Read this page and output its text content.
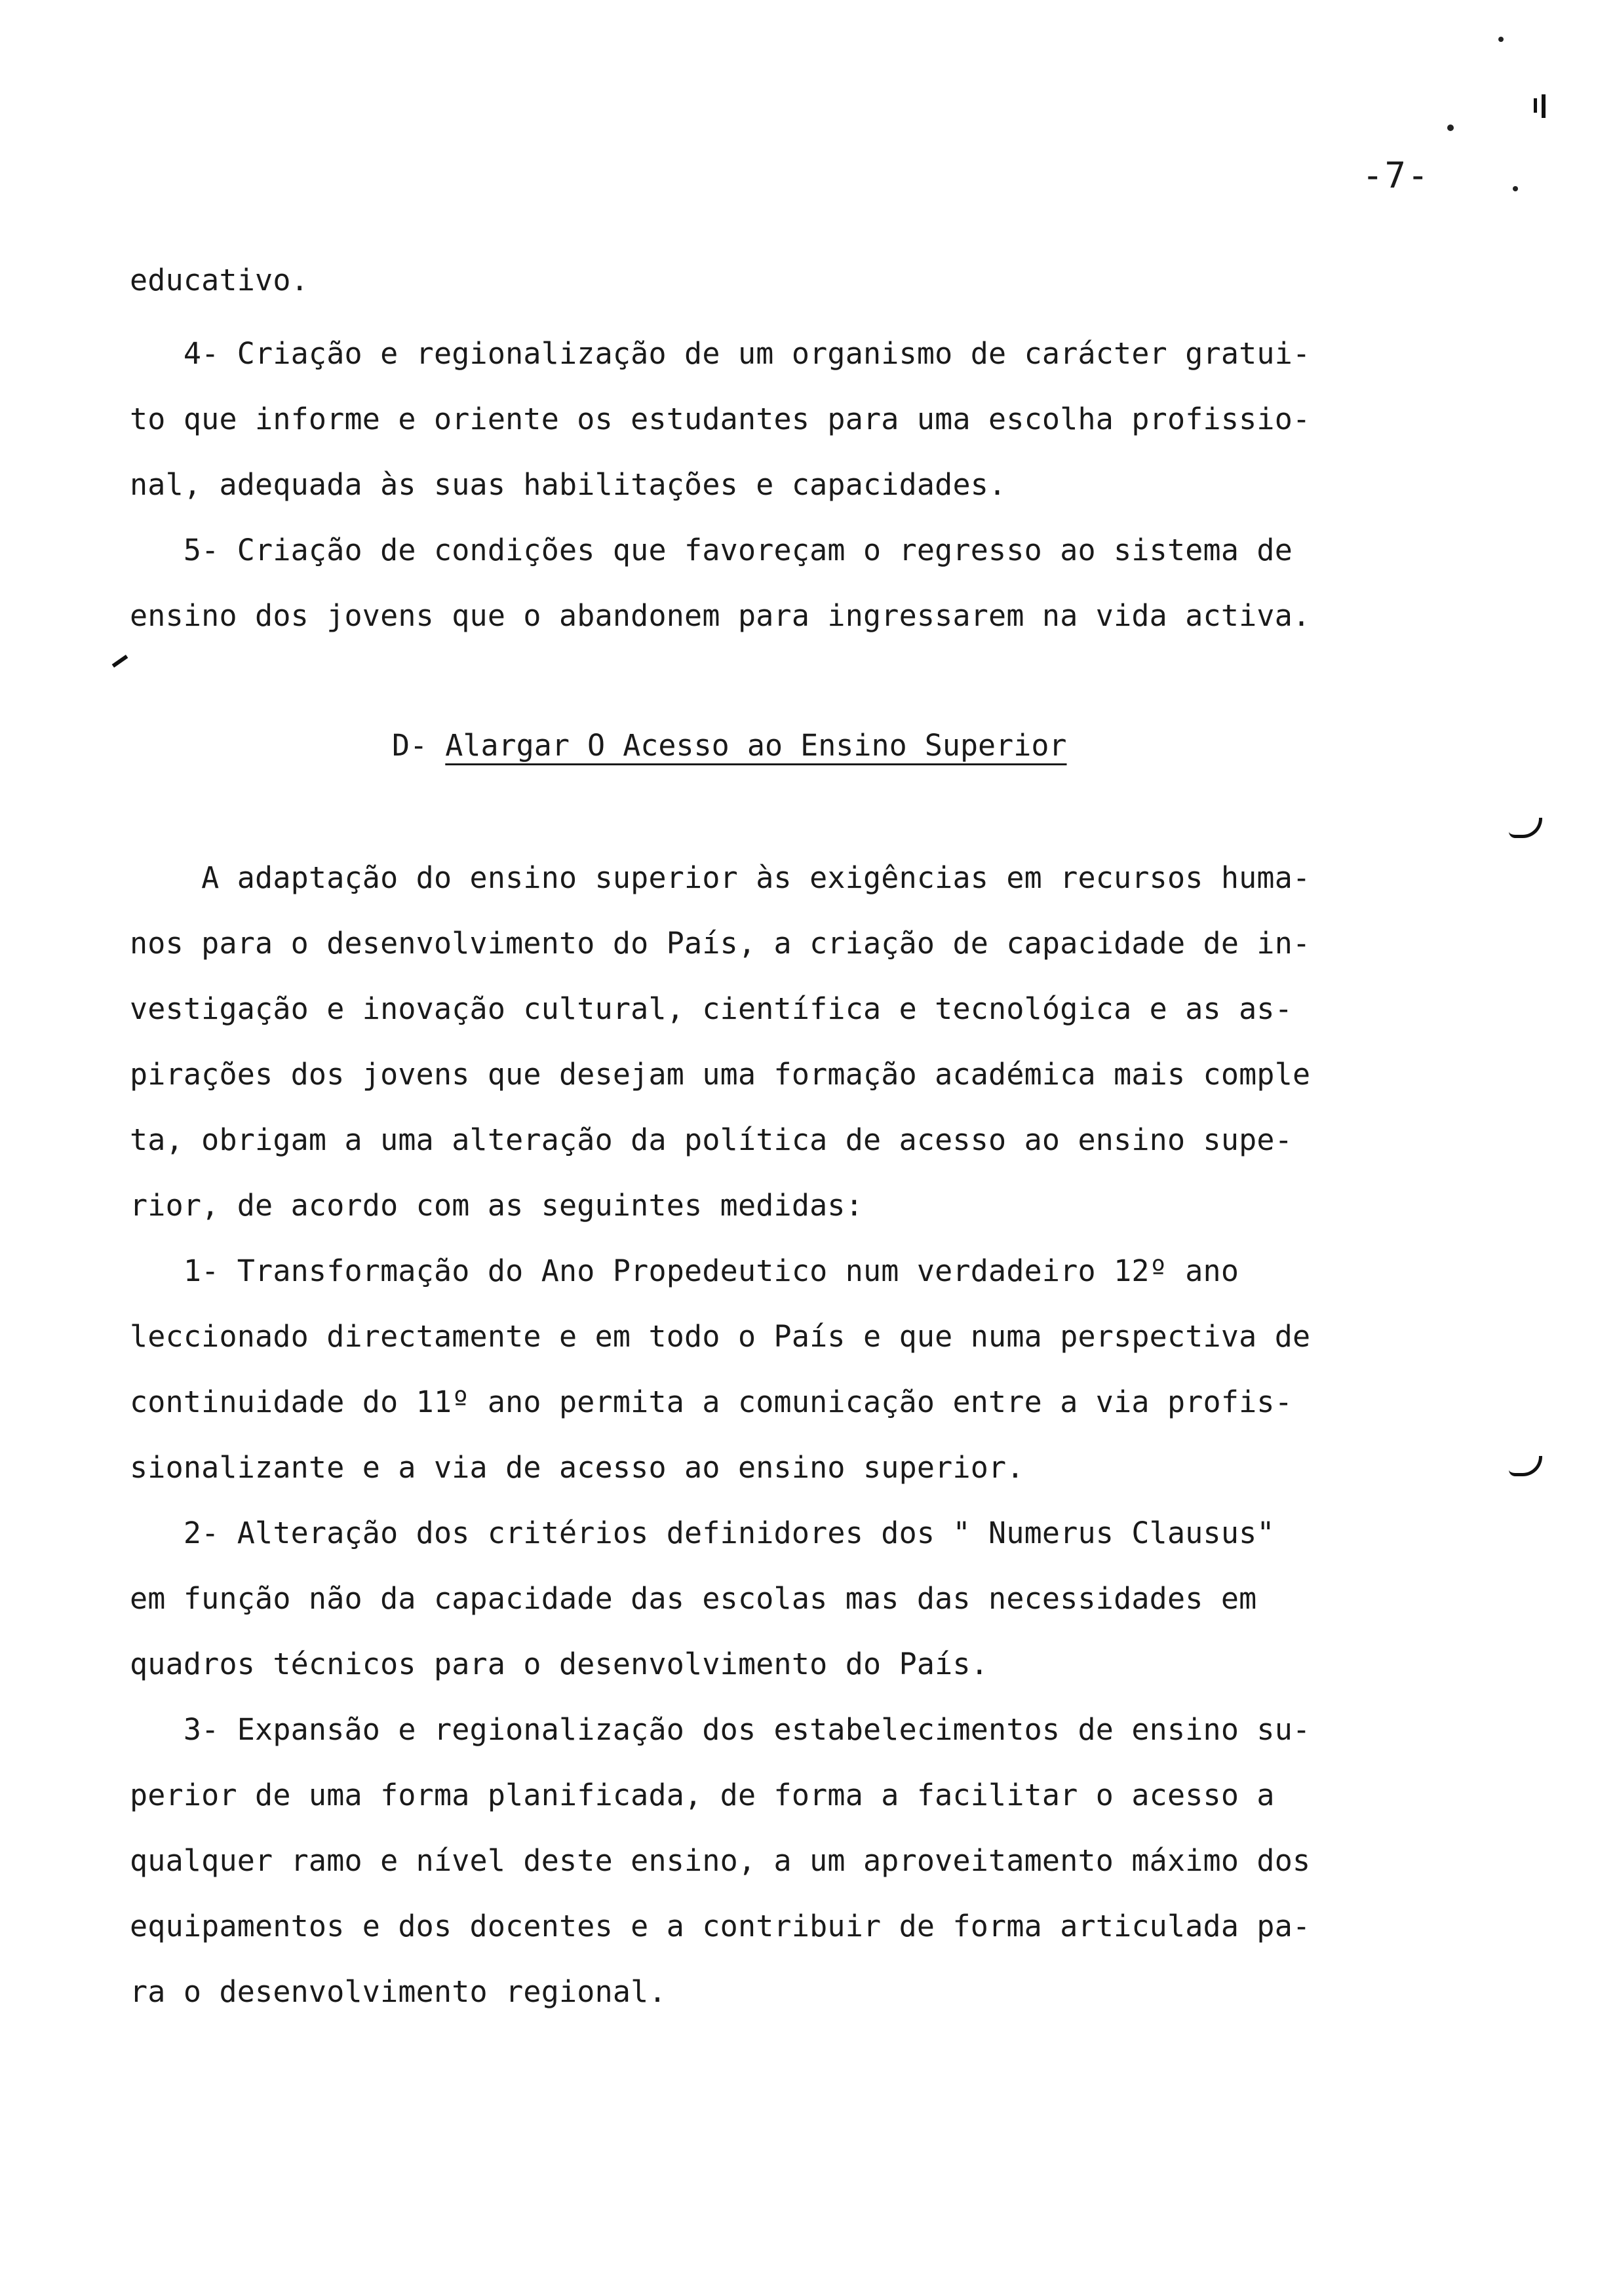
-7-
educativo.
4- Criação e regionalização de um organismo de carácter gratui-
to que informe e oriente os estudantes para uma escolha profissio-
nal, adequada às suas habilitações e capacidades.
5- Criação de condições que favoreçam o regresso ao sistema de
ensino dos jovens que o abandonem para ingressarem na vida activa.
D- Alargar O Acesso ao Ensino Superior
A adaptação do ensino superior às exigências em recursos huma-
nos para o desenvolvimento do País, a criação de capacidade de in-
vestigação e inovação cultural, científica e tecnológica e as as-
pirações dos jovens que desejam uma formação académica mais comple
ta, obrigam a uma alteração da política de acesso ao ensino supe-
rior, de acordo com as seguintes medidas:
1- Transformação do Ano Propedeutico num verdadeiro 12º ano
leccionado directamente e em todo o País e que numa perspectiva de
continuidade do 11º ano permita a comunicação entre a via profis-
sionalizante e a via de acesso ao ensino superior.
2- Alteração dos critérios definidores dos " Numerus Clausus"
em função não da capacidade das escolas mas das necessidades em
quadros técnicos para o desenvolvimento do País.
3- Expansão e regionalização dos estabelecimentos de ensino su-
perior de uma forma planificada, de forma a facilitar o acesso a
qualquer ramo e nível deste ensino, a um aproveitamento máximo dos
equipamentos e dos docentes e a contribuir de forma articulada pa-
ra o desenvolvimento regional.
